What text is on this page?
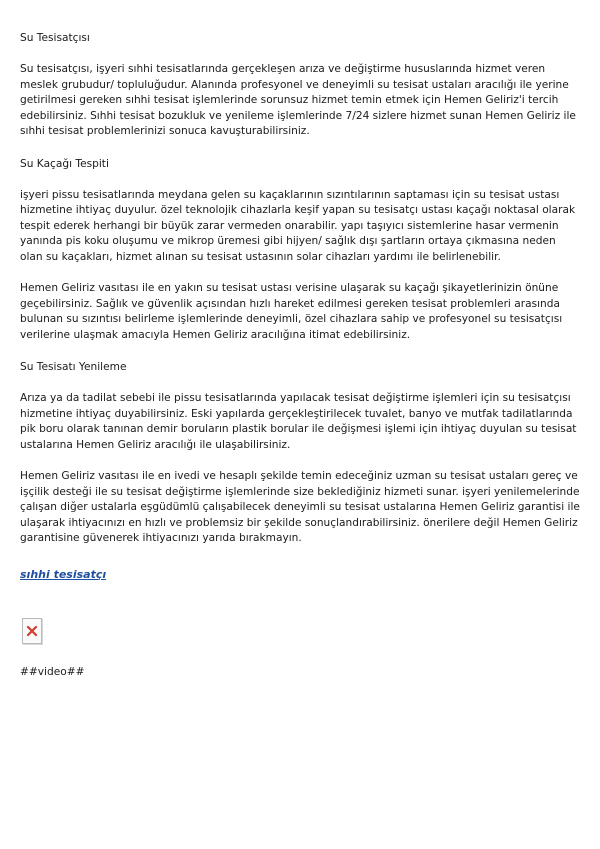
Su Tesisatçısı

Su tesisatçısı, işyeri sıhhi tesisatlarında gerçekleşen arıza ve değiştirme hususlarında hizmet veren meslek grubudur/ topluluğudur. Alanında profesyonel ve deneyimli su tesisat ustaları aracılığı ile yerine getirilmesi gereken sıhhi tesisat işlemlerinde sorunsuz hizmet temin etmek için Hemen Geliriz'i tercih edebilirsiniz. Sıhhi tesisat bozukluk ve yenileme işlemlerinde 7/24 sizlere hizmet sunan Hemen Geliriz ile sıhhi tesisat problemlerinizi sonuca kavuşturabilirsiniz.

Su Kaçağı Tespiti

işyeri pissu tesisatlarında meydana gelen su kaçaklarının sızıntılarının saptaması için su tesisat ustası hizmetine ihtiyaç duyulur. özel teknolojik cihazlarla keşif yapan su tesisatçı ustası kaçağı noktasal olarak tespit ederek herhangi bir büyük zarar vermeden onarabilir. yapı taşıyıcı sistemlerine hasar vermenin yanında pis koku oluşumu ve mikrop üremesi gibi hijyen/ sağlık dışı şartların ortaya çıkmasına neden olan su kaçakları, hizmet alınan su tesisat ustasının solar cihazları yardımı ile belirlenebilir.

Hemen Geliriz vasıtası ile en yakın su tesisat ustası verisine ulaşarak su kaçağı şikayetlerinizin önüne geçebilirsiniz. Sağlık ve güvenlik açısından hızlı hareket edilmesi gereken tesisat problemleri arasında bulunan su sızıntısı belirleme işlemlerinde deneyimli, özel cihazlara sahip ve profesyonel su tesisatçısı verilerine ulaşmak amacıyla Hemen Geliriz aracılığına itimat edebilirsiniz.

Su Tesisatı Yenileme

Arıza ya da tadilat sebebi ile pissu tesisatlarında yapılacak tesisat değiştirme işlemleri için su tesisatçısı hizmetine ihtiyaç duyabilirsiniz. Eski yapılarda gerçekleştirilecek tuvalet, banyo ve mutfak tadilatlarında pik boru olarak tanınan demir boruların plastik borular ile değişmesi işlemi için ihtiyaç duyulan su tesisat ustalarına Hemen Geliriz aracılığı ile ulaşabilirsiniz.

Hemen Geliriz vasıtası ile en ivedi ve hesaplı şekilde temin edeceğiniz uzman su tesisat ustaları gereç ve işçilik desteği ile su tesisat değiştirme işlemlerinde size beklediğiniz hizmeti sunar. işyeri yenilemelerinde çalışan diğer ustalarla eşgüdümlü çalışabilecek deneyimli su tesisat ustalarına Hemen Geliriz garantisi ile ulaşarak ihtiyacınızı en hızlı ve problemsiz bir şekilde sonuçlandırabilirsiniz. önerilere değil Hemen Geliriz garantisine güvenerek ihtiyacınızı yarıda bırakmayın.

sıhhi tesisatçı
##video##
